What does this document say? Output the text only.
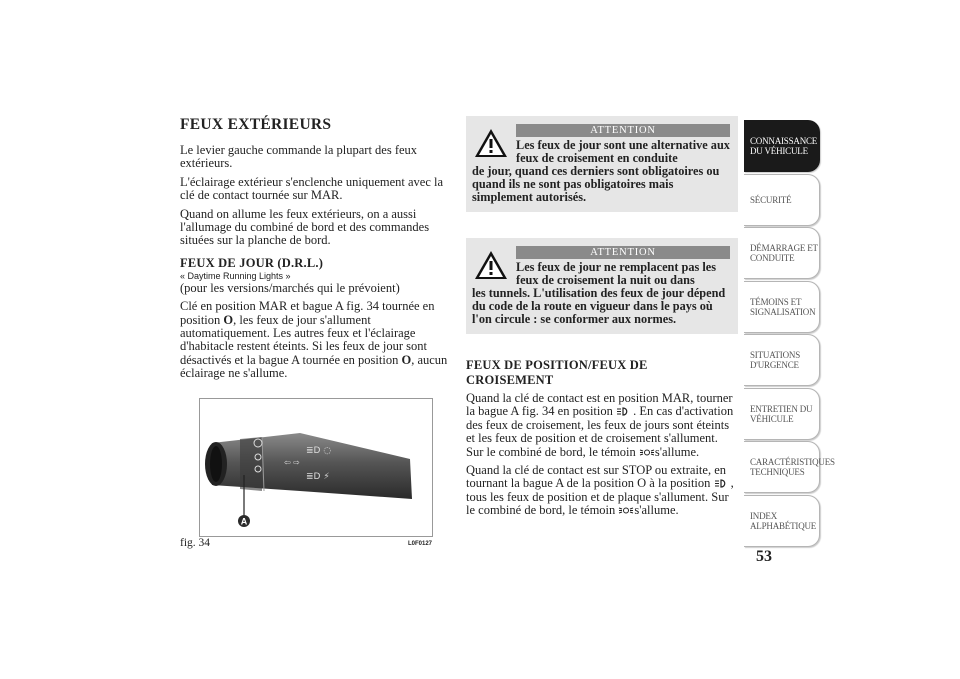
FEUX EXTÉRIEURS

Le levier gauche commande la plupart des feux extérieurs.

L'éclairage extérieur s'enclenche uniquement avec la clé de contact tournée sur MAR.

Quand on allume les feux extérieurs, on a aussi l'allumage du combiné de bord et des commandes situées sur la planche de bord.

FEUX DE JOUR (D.R.L.)
« Daytime Running Lights »

(pour les versions/marchés qui le prévoient)

Clé en position MAR et bague A fig. 34 tournée en position O, les feux de jour s'allument automatiquement. Les autres feux et l'éclairage d'habitacle restent éteints. Si les feux de jour sont désactivés et la bague A tournée en position O, aucun éclairage ne s'allume.

⇦ ⇨
≣D ◌
≣D ⚡
A
fig. 34	L0F0127
ATTENTION
Les feux de jour sont une alternative aux feux de croisement en conduite
de jour, quand ces derniers sont obligatoires ou quand ils ne sont pas obligatoires mais simplement autorisés.
ATTENTION
Les feux de jour ne remplacent pas les feux de croisement la nuit ou dans
les tunnels. L'utilisation des feux de jour dépend du code de la route en vigueur dans le pays où l'on circule : se conformer aux normes.
FEUX DE POSITION/FEUX DE CROISEMENT

Quand la clé de contact est en position MAR, tourner la bague A fig. 34 en position  . En cas d'activation des feux de croisement, les feux de jours sont éteints et les feux de position et de croisement s'allument. Sur le combiné de bord, le témoin s'allume.

Quand la clé de contact est sur STOP ou extraite, en tournant la bague A de la position O à la position  , tous les feux de position et de plaque s'allument. Sur le combiné de bord, le témoin s'allume.

CONNAISSANCE DU VÉHICULE
SÉCURITÉ
DÉMARRAGE ET CONDUITE
TÉMOINS ET SIGNALISATION
SITUATIONS D'URGENCE
ENTRETIEN DU VÉHICULE
CARACTÉRISTIQUES TECHNIQUES
INDEX ALPHABÉTIQUE
53
